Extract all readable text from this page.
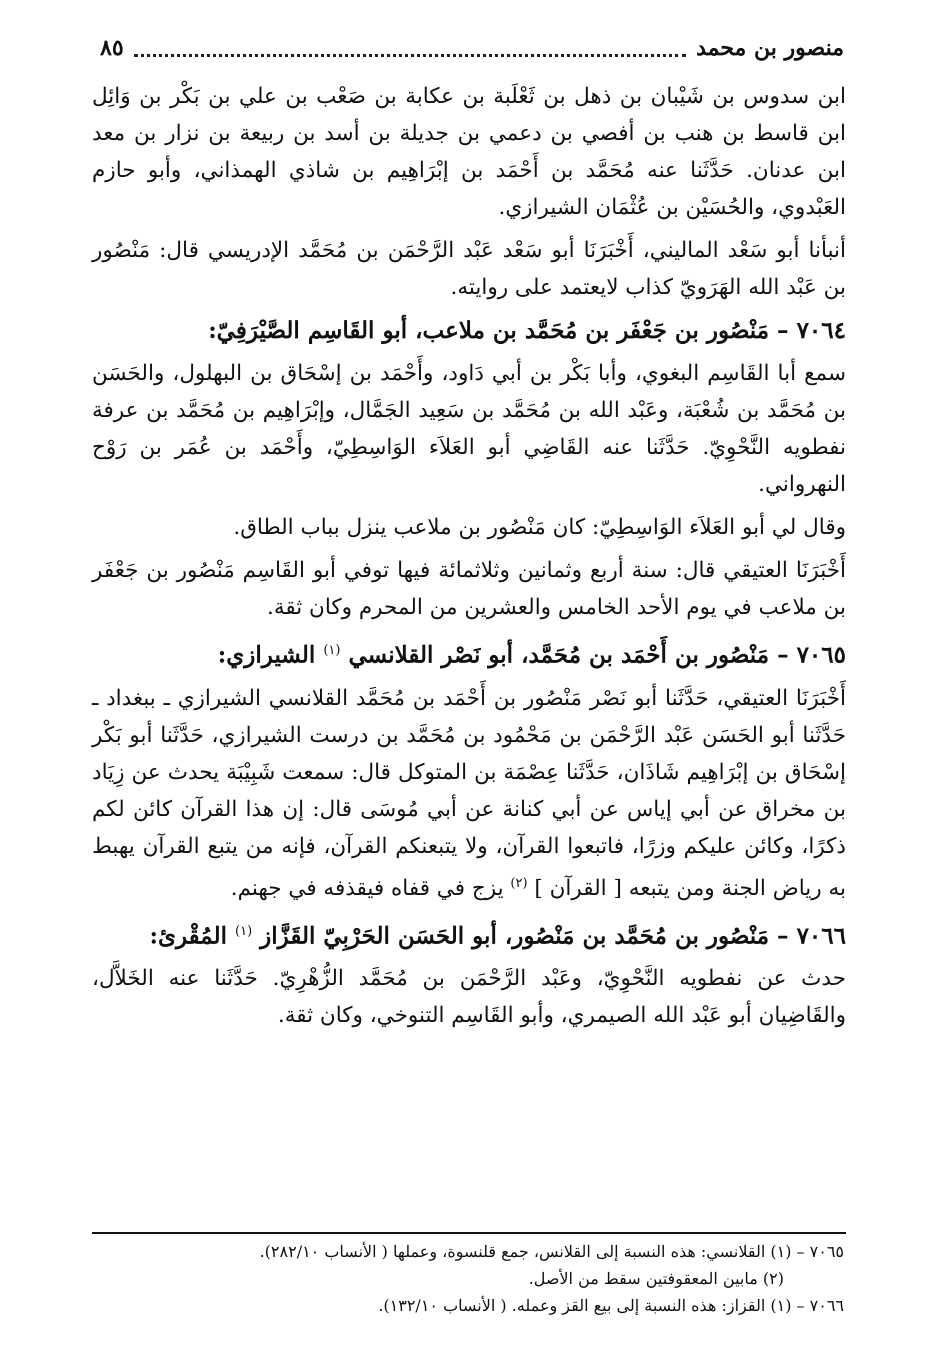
منصور بن محمد
٨٥

ابن سدوس بن شَيْبان بن ذهل بن ثَعْلَبة بن عكابة بن صَعْب بن علي بن بَكْر بن وَائِل ابن قاسط بن هنب بن أفصي بن دعمي بن جديلة بن أسد بن ربيعة بن نزار بن معد ابن عدنان. حَدَّثَنا عنه مُحَمَّد بن أَحْمَد بن إبْرَاهِيم بن شاذي الهمذاني، وأبو حازم العَبْدوي، والحُسَيْن بن عُثْمَان الشيرازي.

أنبأنا أبو سَعْد الماليني، أَخْبَرَنَا أبو سَعْد عَبْد الرَّحْمَن بن مُحَمَّد الإدريسي قال: مَنْصُور بن عَبْد الله الهَرَويّ كذاب لايعتمد على روايته.

٧٠٦٤ – مَنْصُور بن جَعْفَر بن مُحَمَّد بن ملاعب، أبو القَاسِم الصَّيْرَفِيّ:

سمع أبا القَاسِم البغوي، وأبا بَكْر بن أبي دَاود، وأَحْمَد بن إسْحَاق بن البهلول، والحَسَن بن مُحَمَّد بن شُعْبَة، وعَبْد الله بن مُحَمَّد بن سَعِيد الجَمَّال، وإبْرَاهِيم بن مُحَمَّد بن عرفة نفطويه النَّحْوِيّ. حَدَّثَنا عنه القَاضِي أبو العَلاَء الوَاسِطِيّ، وأَحْمَد بن عُمَر بن رَوْح النهرواني.

وقال لي أبو العَلاَء الوَاسِطِيّ: كان مَنْصُور بن ملاعب ينزل بباب الطاق.

أَخْبَرَنَا العتيقي قال: سنة أربع وثمانين وثلاثمائة فيها توفي أبو القَاسِم مَنْصُور بن جَعْفَر بن ملاعب في يوم الأحد الخامس والعشرين من المحرم وكان ثقة.

٧٠٦٥ – مَنْصُور بن أَحْمَد بن مُحَمَّد، أبو نَصْر القلانسي $^{(١)}$ الشيرازي:

أَخْبَرَنَا العتيقي، حَدَّثَنا أبو نَصْر مَنْصُور بن أَحْمَد بن مُحَمَّد القلانسي الشيرازي ـ ببغداد ـ حَدَّثَنا أبو الحَسَن عَبْد الرَّحْمَن بن مَحْمُود بن مُحَمَّد بن درست الشيرازي، حَدَّثَنا أبو بَكْر إسْحَاق بن إبْرَاهِيم شَاذَان، حَدَّثَنا عِصْمَة بن المتوكل قال: سمعت شَبِيْبَة يحدث عن زِيَاد بن مخراق عن أبي إياس عن أبي كنانة عن أبي مُوسَى قال: إن هذا القرآن كائن لكم ذكرًا، وكائن عليكم وزرًا، فاتبعوا القرآن، ولا يتبعنكم القرآن، فإنه من يتبع القرآن يهبط به رياض الجنة ومن يتبعه [ القرآن ] $^{(٢)}$ يزج في قفاه فيقذفه في جهنم.

٧٠٦٦ – مَنْصُور بن مُحَمَّد بن مَنْصُور، أبو الحَسَن الحَرْبِيّ القَزَّاز $^{(١)}$ المُقْرئ:

حدث عن نفطويه النَّحْوِيّ، وعَبْد الرَّحْمَن بن مُحَمَّد الزُّهْرِيّ. حَدَّثَنا عنه الخَلاَّل، والقَاضِيان أبو عَبْد الله الصيمري، وأبو القَاسِم التنوخي، وكان ثقة.

٧٠٦٥ – (١) القلانسي: هذه النسبة إلى القلانس، جمع قلنسوة، وعملها ( الأنساب ٢٨٢/١٠).

(٢) مابين المعقوفتين سقط من الأصل.

٧٠٦٦ – (١) القزاز: هذه النسبة إلى بيع القز وعمله. ( الأنساب ١٣٢/١٠).
